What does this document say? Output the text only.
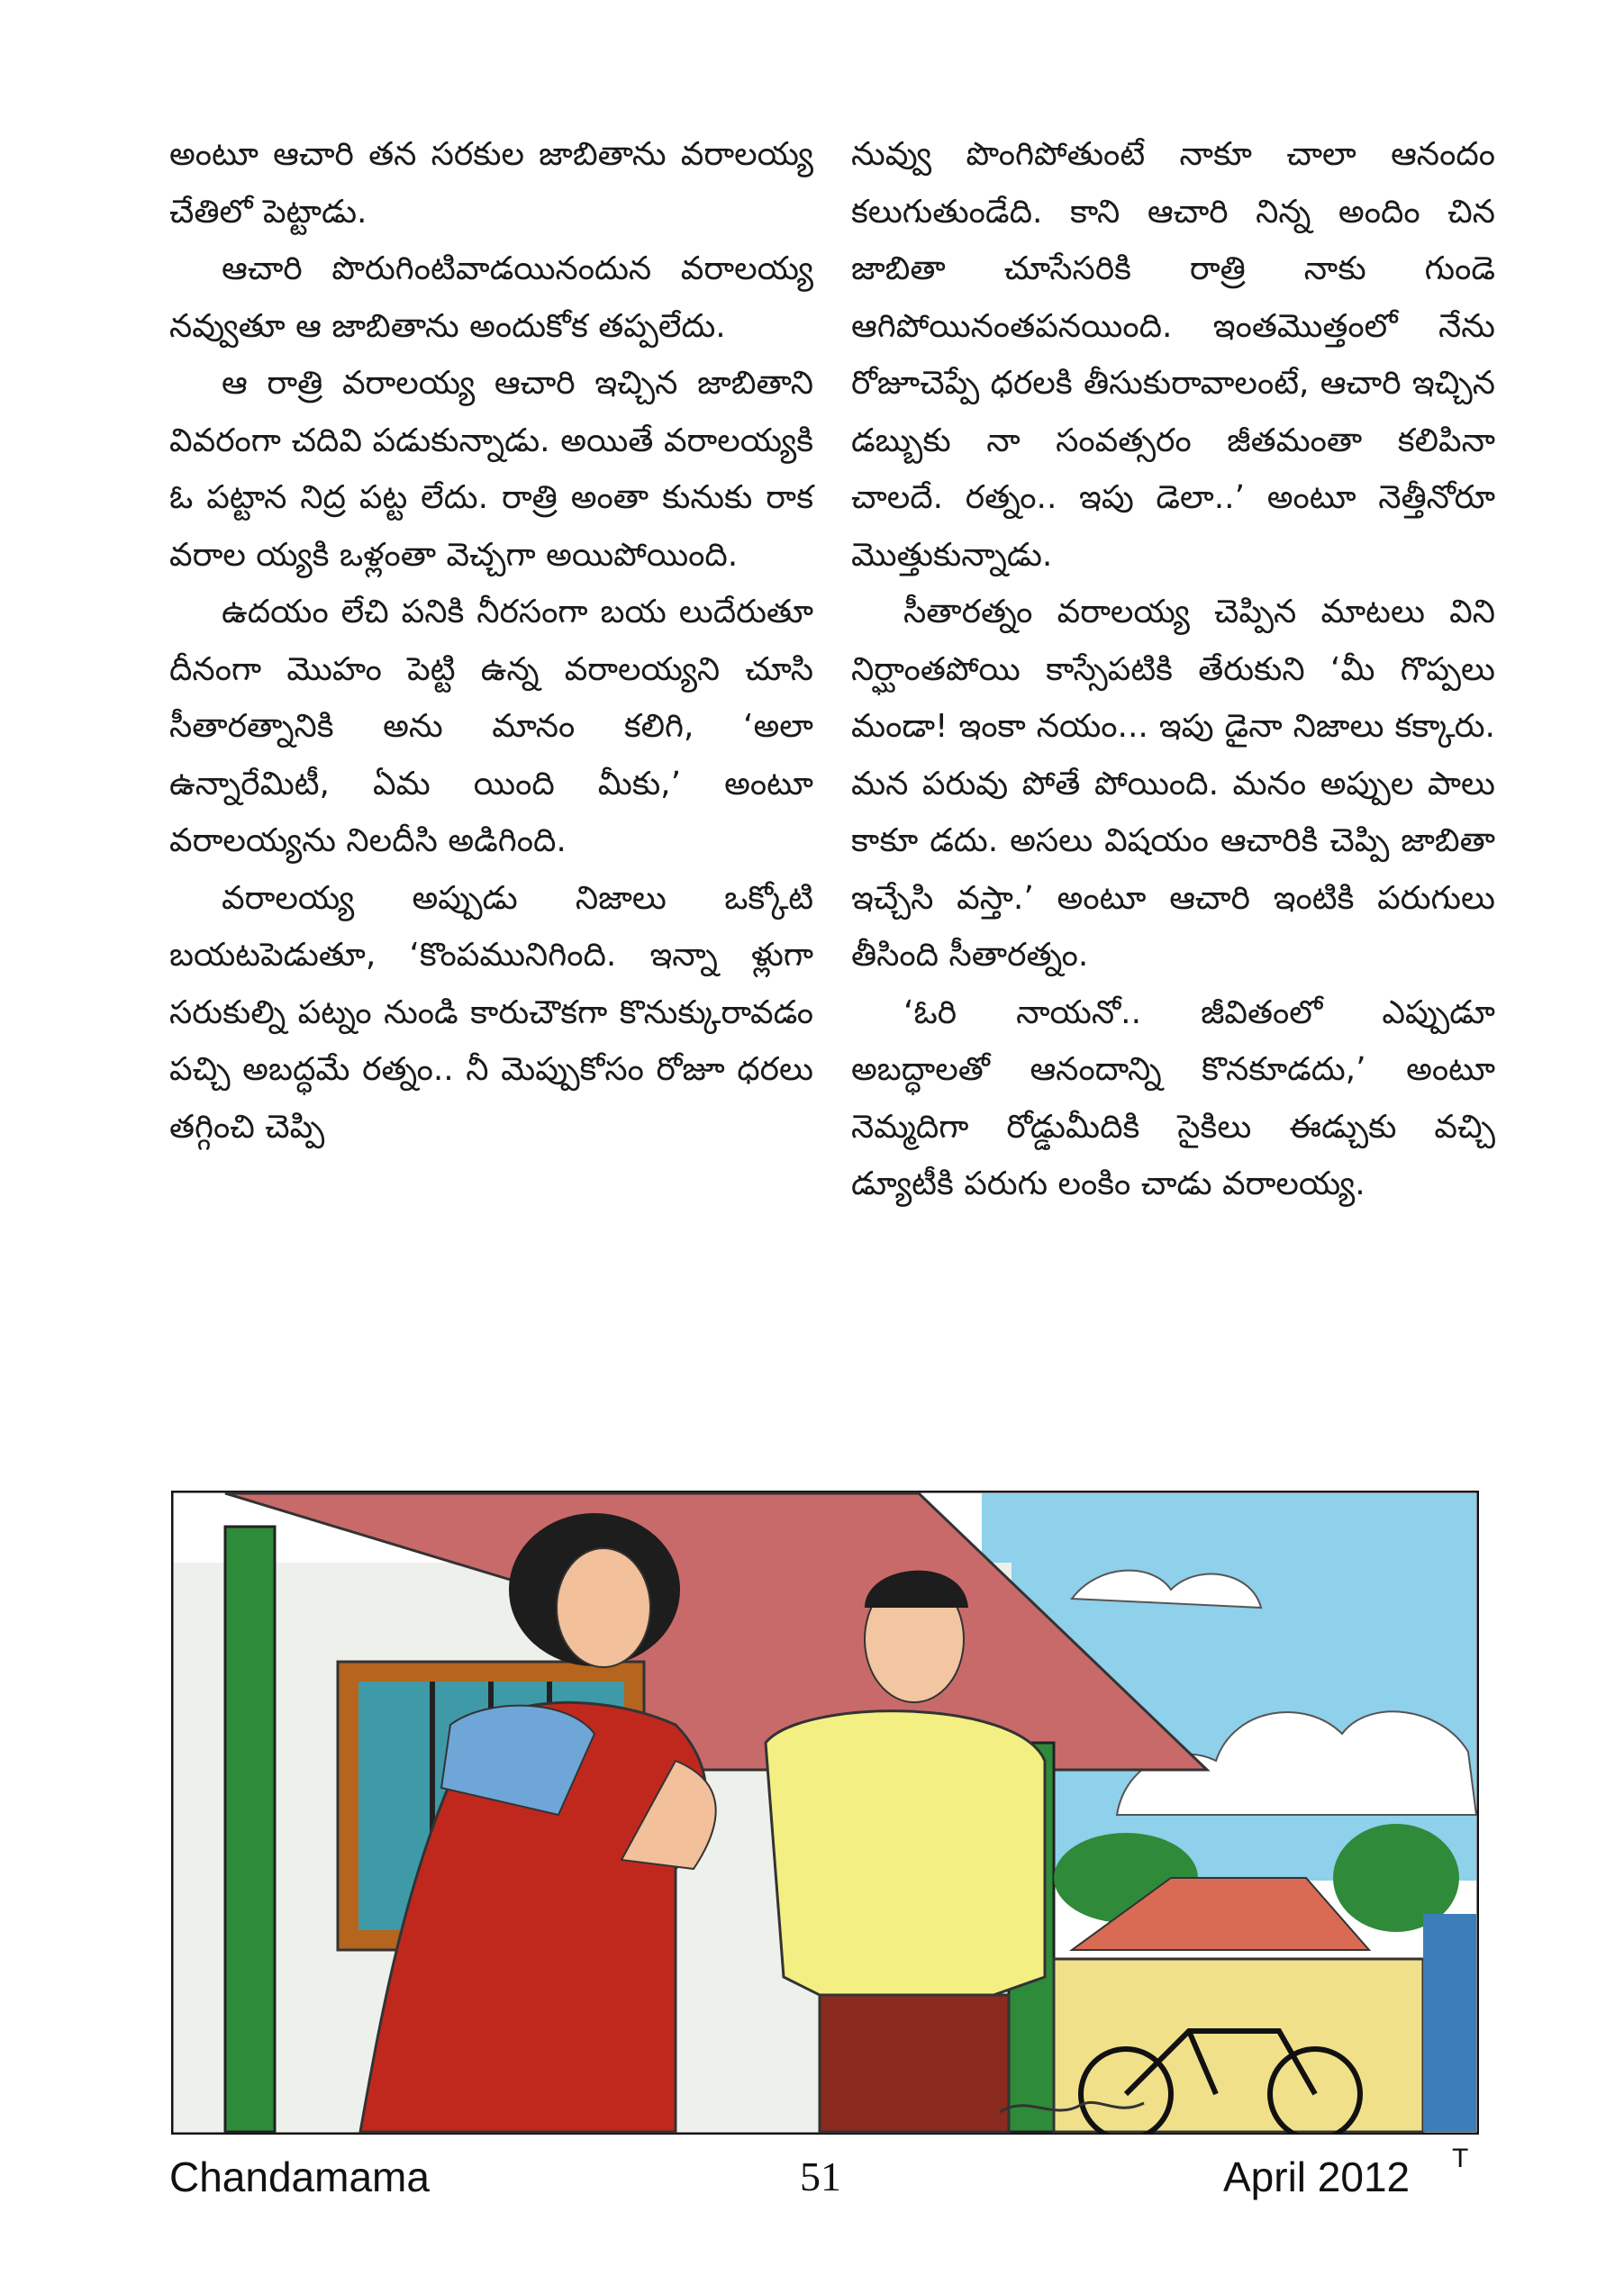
అంటూ ఆచారి తన సరకుల జాబితాను వరాలయ్య చేతిలో పెట్టాడు.

ఆచారి పొరుగింటివాడయినందున వరాలయ్య నవ్వుతూ ఆ జాబితాను అందుకోక తప్పలేదు.

ఆ రాత్రి వరాలయ్య ఆచారి ఇచ్చిన జాబితాని వివరంగా చదివి పడుకున్నాడు. అయితే వరాలయ్యకి ఓ పట్టాన నిద్ర పట్ట లేదు. రాత్రి అంతా కునుకు రాక వరాల య్యకి ఒళ్లంతా వెచ్చగా అయిపోయింది.

ఉదయం లేచి పనికి నీరసంగా బయ లుదేరుతూ దీనంగా మొహం పెట్టి ఉన్న వరాలయ్యని చూసి సీతారత్నానికి అను మానం కలిగి, ‘అలా ఉన్నారేమిటీ, ఏమ యింది మీకు,’ అంటూ వరాలయ్యను నిలదీసి అడిగింది.

వరాలయ్య అప్పుడు నిజాలు ఒక్కోటి బయటపెడుతూ, ‘కొంపమునిగింది. ఇన్నా ళ్లుగా సరుకుల్ని పట్నం నుండి కారుచౌకగా కొనుక్కురావడం పచ్చి అబద్ధమే రత్నం.. నీ మెప్పుకోసం రోజూ ధరలు తగ్గించి చెప్పి

నువ్వు పొంగిపోతుంటే నాకూ చాలా ఆనందం కలుగుతుండేది. కాని ఆచారి నిన్న అందిం చిన జాబితా చూసేసరికి రాత్రి నాకు గుండె ఆగిపోయినంతపనయింది. ఇంతమొత్తంలో నేను రోజూచెప్పే ధరలకి తీసుకురావాలంటే, ఆచారి ఇచ్చిన డబ్బుకు నా సంవత్సరం జీతమంతా కలిపినా చాలదే. రత్నం.. ఇపు డెలా..’ అంటూ నెత్తీనోరూ మొత్తుకున్నాడు.

సీతారత్నం వరాలయ్య చెప్పిన మాటలు విని నిర్ఘాంతపోయి కాస్సేపటికి తేరుకుని ‘మీ గొప్పలు మండా! ఇంకా నయం... ఇపు డైనా నిజాలు కక్కారు. మన పరువు పోతే పోయింది. మనం అప్పుల పాలు కాకూ డదు. అసలు విషయం ఆచారికి చెప్పి జాబితా ఇచ్చేసి వస్తా.’ అంటూ ఆచారి ఇంటికి పరుగులు తీసింది సీతారత్నం.

‘ఓరి నాయనో.. జీవితంలో ఎప్పుడూ అబద్ధాలతో ఆనందాన్ని కొనకూడదు,’ అంటూ నెమ్మదిగా రోడ్డుమీదికి సైకిలు ఈడ్చుకు వచ్చి డ్యూటీకి పరుగు లంకిం చాడు వరాలయ్య.

Chandamama	51	April 2012 T
